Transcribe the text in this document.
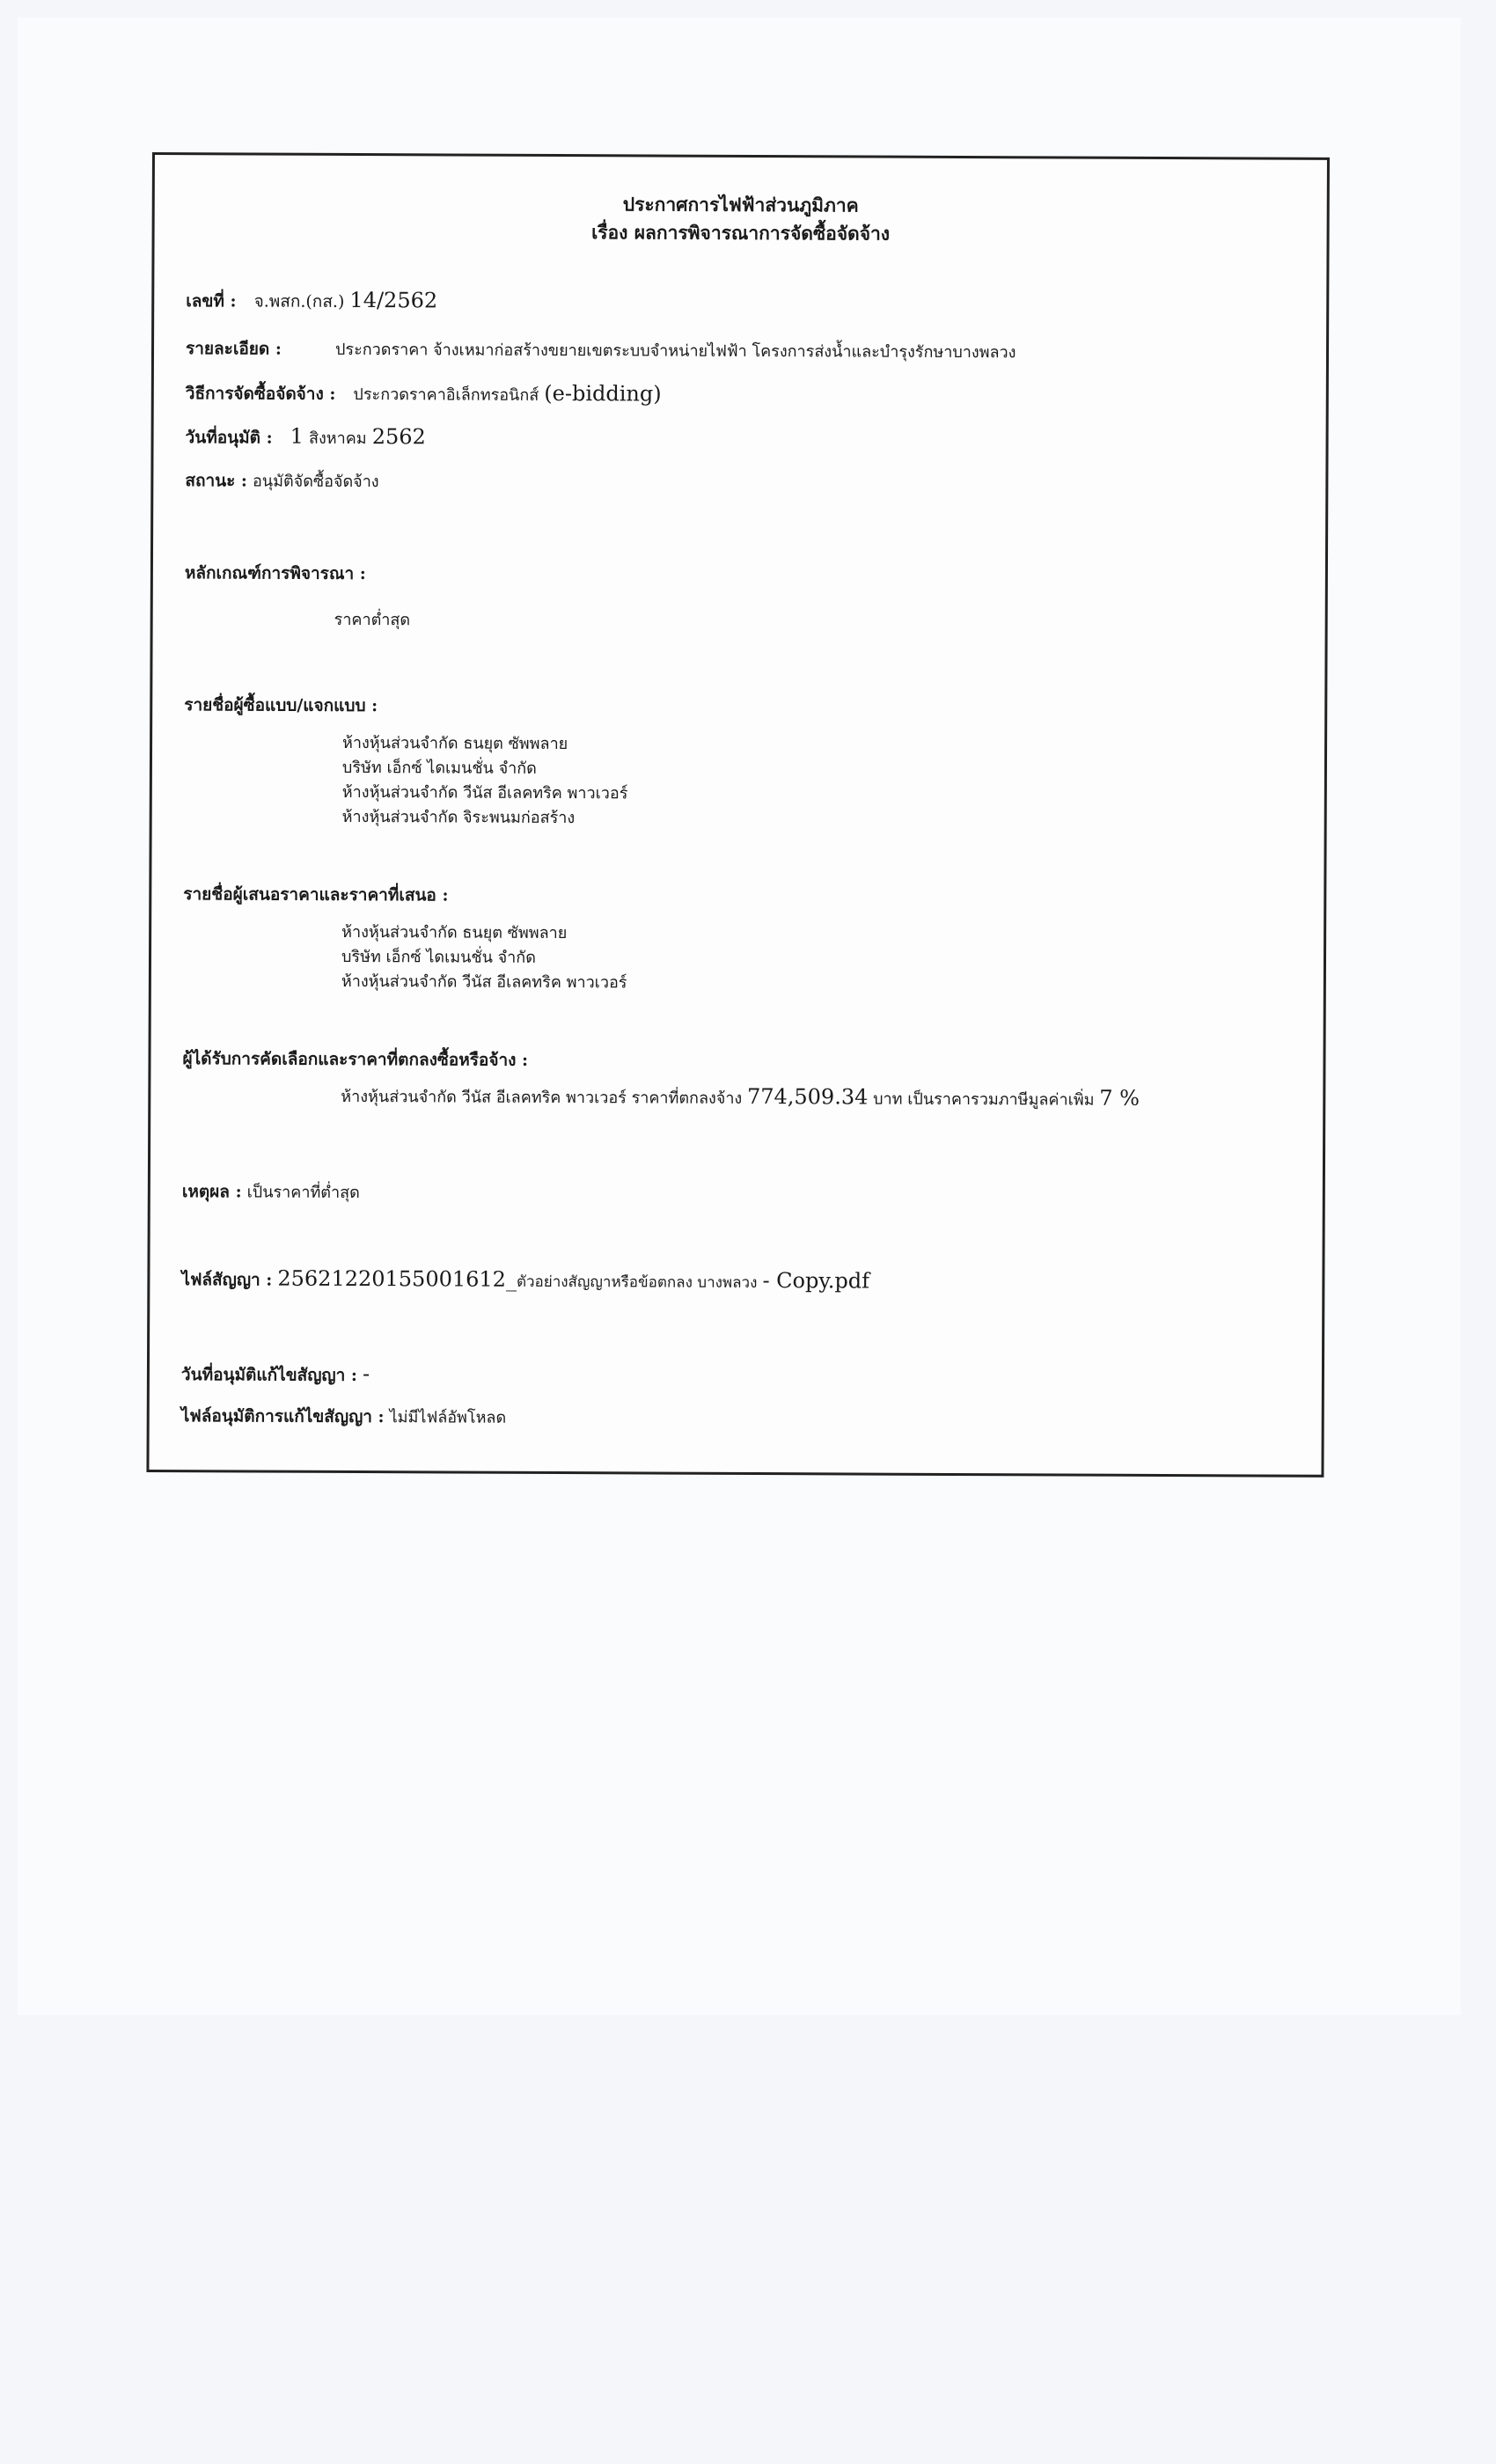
ประกาศการไฟฟ้าส่วนภูมิภาค
เรื่อง ผลการพิจารณาการจัดซื้อจัดจ้าง
เลขที่ : จ.พสก.(กส.) 14/2562
รายละเอียด :	ประกวดราคา จ้างเหมาก่อสร้างขยายเขตระบบจำหน่ายไฟฟ้า โครงการส่งน้ำและบำรุงรักษาบางพลวง
วิธีการจัดซื้อจัดจ้าง : ประกวดราคาอิเล็กทรอนิกส์ (e-bidding)
วันที่อนุมัติ : 1 สิงหาคม 2562
สถานะ : อนุมัติจัดซื้อจัดจ้าง
หลักเกณฑ์การพิจารณา :
ราคาต่ำสุด
รายชื่อผู้ซื้อแบบ/แจกแบบ :
ห้างหุ้นส่วนจำกัด ธนยุต ซัพพลาย
บริษัท เอ็กซ์ ไดเมนชั่น จำกัด
ห้างหุ้นส่วนจำกัด วีนัส อีเลคทริค พาวเวอร์
ห้างหุ้นส่วนจำกัด จิระพนมก่อสร้าง
รายชื่อผู้เสนอราคาและราคาที่เสนอ :
ห้างหุ้นส่วนจำกัด ธนยุต ซัพพลาย
บริษัท เอ็กซ์ ไดเมนชั่น จำกัด
ห้างหุ้นส่วนจำกัด วีนัส อีเลคทริค พาวเวอร์
ผู้ได้รับการคัดเลือกและราคาที่ตกลงซื้อหรือจ้าง :
ห้างหุ้นส่วนจำกัด วีนัส อีเลคทริค พาวเวอร์ ราคาที่ตกลงจ้าง 774,509.34 บาท เป็นราคารวมภาษีมูลค่าเพิ่ม 7 %
เหตุผล : เป็นราคาที่ต่ำสุด
ไฟล์สัญญา : 25621220155001612_ตัวอย่างสัญญาหรือข้อตกลง บางพลวง - Copy.pdf
วันที่อนุมัติแก้ไขสัญญา : -
ไฟล์อนุมัติการแก้ไขสัญญา : ไม่มีไฟล์อัพโหลด
